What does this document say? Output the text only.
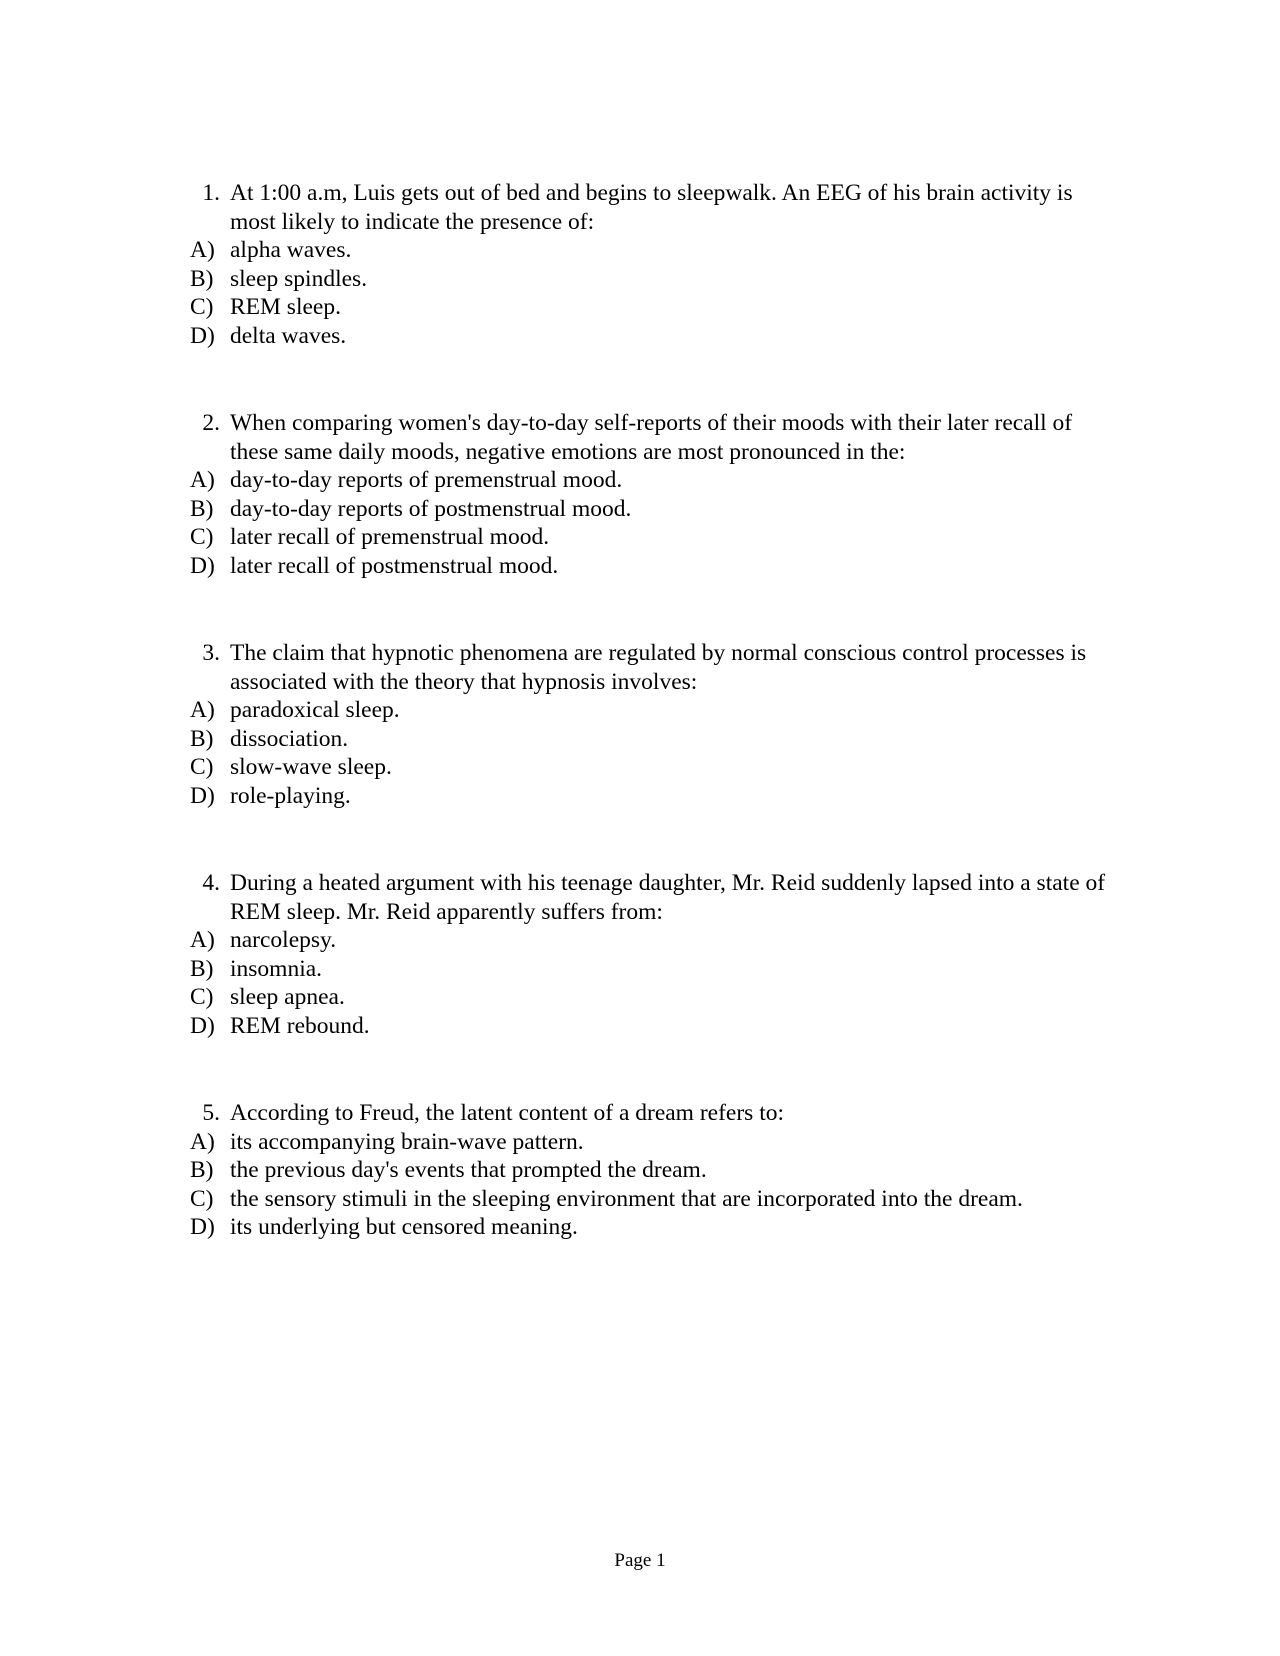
1. At 1:00 a.m, Luis gets out of bed and begins to sleepwalk. An EEG of his brain activity is most likely to indicate the presence of:
A) alpha waves.
B) sleep spindles.
C) REM sleep.
D) delta waves.
2. When comparing women's day-to-day self-reports of their moods with their later recall of these same daily moods, negative emotions are most pronounced in the:
A) day-to-day reports of premenstrual mood.
B) day-to-day reports of postmenstrual mood.
C) later recall of premenstrual mood.
D) later recall of postmenstrual mood.
3. The claim that hypnotic phenomena are regulated by normal conscious control processes is associated with the theory that hypnosis involves:
A) paradoxical sleep.
B) dissociation.
C) slow-wave sleep.
D) role-playing.
4. During a heated argument with his teenage daughter, Mr. Reid suddenly lapsed into a state of REM sleep. Mr. Reid apparently suffers from:
A) narcolepsy.
B) insomnia.
C) sleep apnea.
D) REM rebound.
5. According to Freud, the latent content of a dream refers to:
A) its accompanying brain-wave pattern.
B) the previous day's events that prompted the dream.
C) the sensory stimuli in the sleeping environment that are incorporated into the dream.
D) its underlying but censored meaning.
Page 1
